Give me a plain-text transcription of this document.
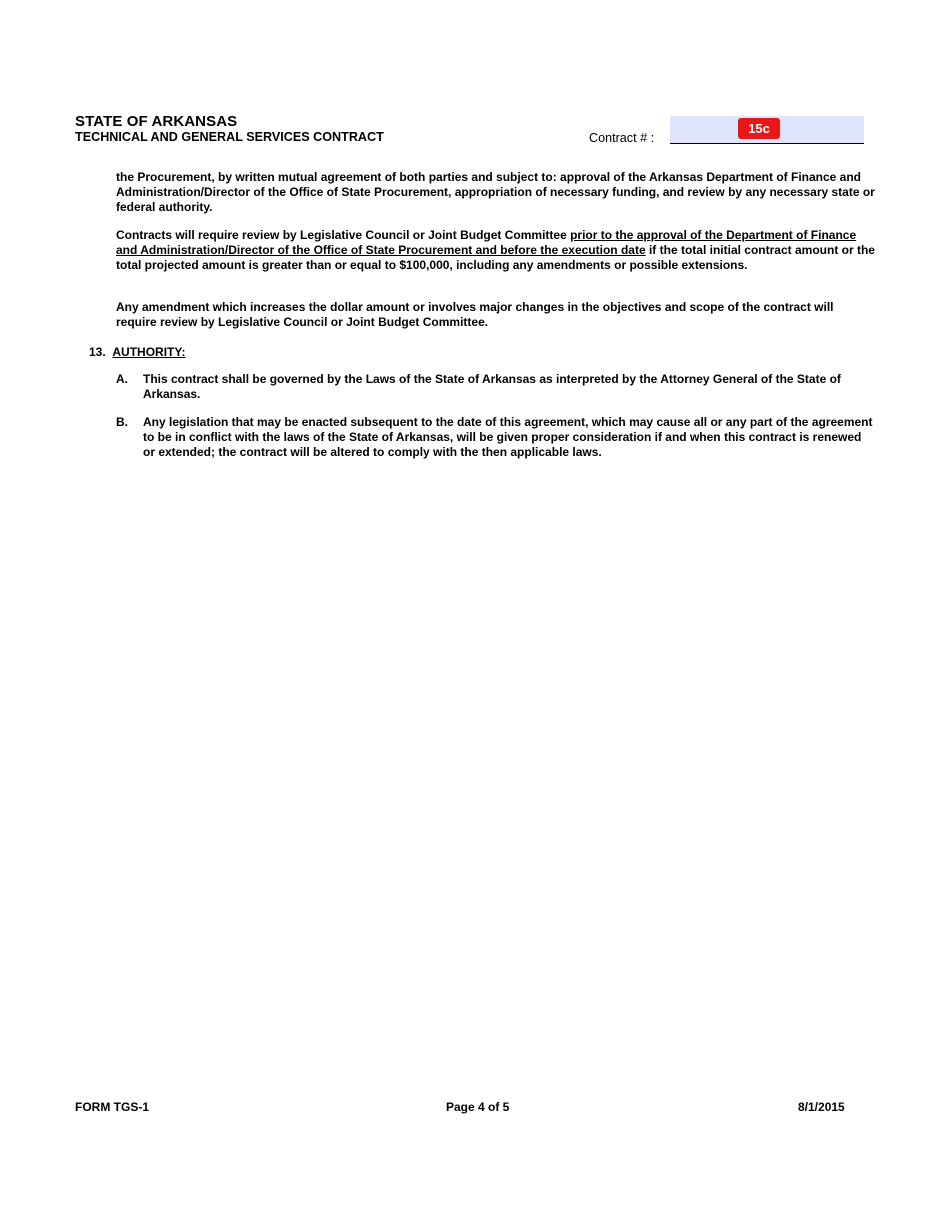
STATE OF ARKANSAS
TECHNICAL AND GENERAL SERVICES CONTRACT	Contract # :
15c

the Procurement, by written mutual agreement of both parties and subject to: approval of the Arkansas Department of Finance and Administration/Director of the Office of State Procurement, appropriation of necessary funding, and review by any necessary state or federal authority.

Contracts will require review by Legislative Council or Joint Budget Committee prior to the approval of the Department of Finance and Administration/Director of the Office of State Procurement and before the execution date if the total initial contract amount or the total projected amount is greater than or equal to $100,000, including any amendments or possible extensions.

Any amendment which increases the dollar amount or involves major changes in the objectives and scope of the contract will require review by Legislative Council or Joint Budget Committee.

13. AUTHORITY:
A. This contract shall be governed by the Laws of the State of Arkansas as interpreted by the Attorney General of the State of Arkansas.

B. Any legislation that may be enacted subsequent to the date of this agreement, which may cause all or any part of the agreement to be in conflict with the laws of the State of Arkansas, will be given proper consideration if and when this contract is renewed or extended; the contract will be altered to comply with the then applicable laws.

FORM TGS-1	Page 4 of 5	8/1/2015
